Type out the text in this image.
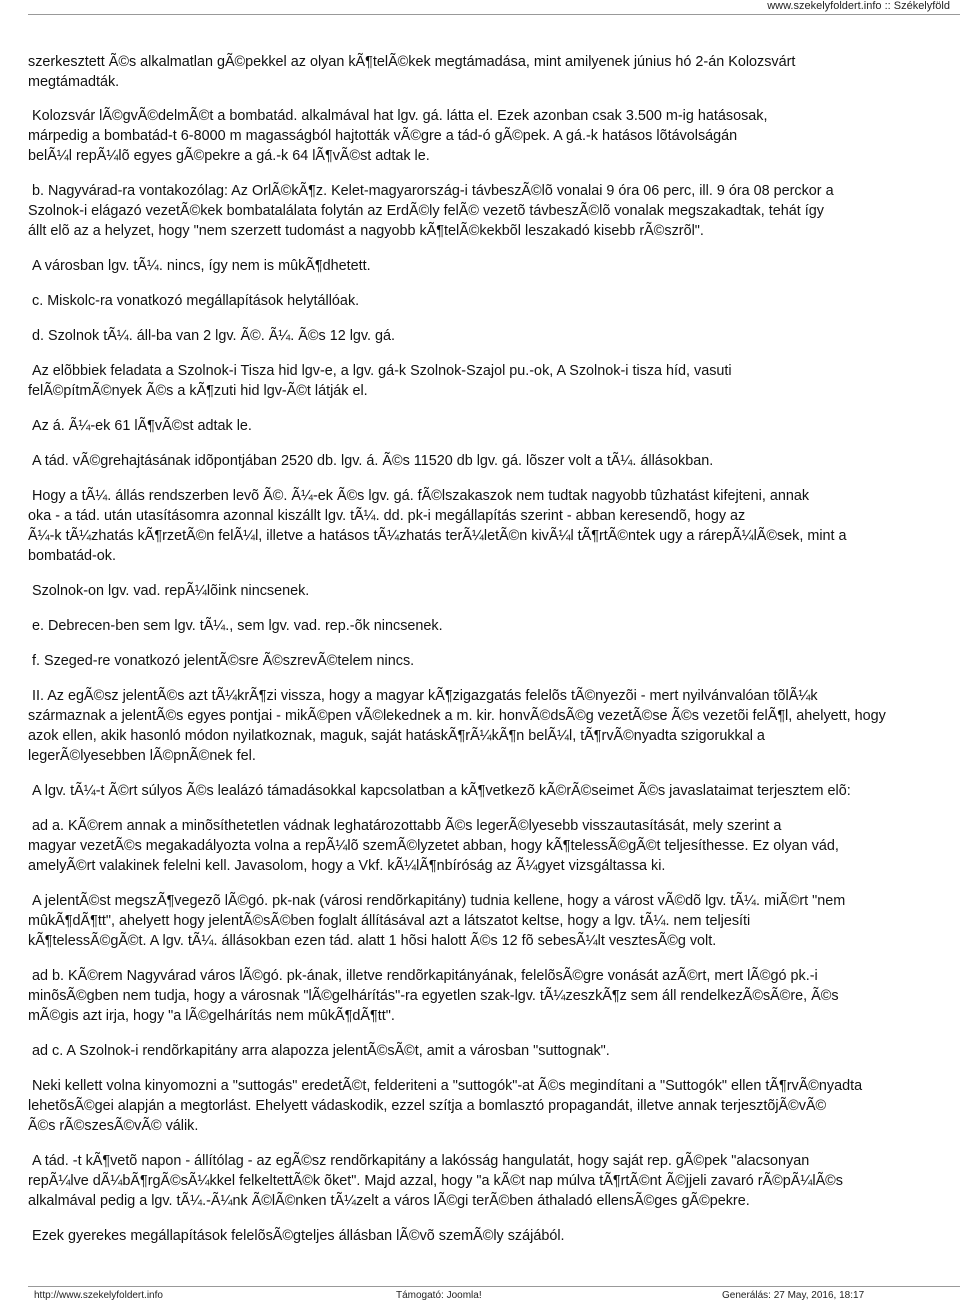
www.szekelyfoldert.info :: Székelyföld

szerkesztett Ã©s alkalmatlan gÃ©pekkel az olyan kÃ¶telÃ©kek megtámadása, mint amilyenek június hó 2-án Kolozsvárt
megtámadták.

Kolozsvár lÃ©gvÃ©delmÃ©t a bombatád. alkalmával hat lgv. gá. látta el. Ezek azonban csak 3.500 m-ig hatásosak,
márpedig a bombatád-t 6-8000 m magasságból hajtották vÃ©gre a tád-ó gÃ©pek. A gá.-k hatásos lõtávolságán
belÃ¼l repÃ¼lõ egyes gÃ©pekre a gá.-k 64 lÃ¶vÃ©st adtak le.

b. Nagyvárad-ra vontakozólag: Az OrlÃ©kÃ¶z. Kelet-magyarország-i távbeszÃ©lõ vonalai 9 óra 06 perc, ill. 9 óra 08 perckor a
Szolnok-i elágazó vezetÃ©kek bombatalálata folytán az ErdÃ©ly felÃ© vezetõ távbeszÃ©lõ vonalak megszakadtak, tehát így
állt elõ az a helyzet, hogy "nem szerzett tudomást a nagyobb kÃ¶telÃ©kekbõl leszakadó kisebb rÃ©szrõl".

A városban lgv. tÃ¼. nincs, így nem is mûkÃ¶dhetett.

c. Miskolc-ra vonatkozó megállapítások helytállóak.

d. Szolnok tÃ¼. áll-ba van 2 lgv. Ã©. Ã¼. Ã©s 12 lgv. gá.

Az elõbbiek feladata a Szolnok-i Tisza hid lgv-e, a lgv. gá-k Szolnok-Szajol pu.-ok, A Szolnok-i tisza híd, vasuti
felÃ©pítmÃ©nyek Ã©s a kÃ¶zuti hid lgv-Ã©t látják el.

Az á. Ã¼-ek 61 lÃ¶vÃ©st adtak le.

A tád. vÃ©grehajtásának idõpontjában 2520 db. lgv. á. Ã©s 11520 db lgv. gá. lõszer volt a tÃ¼. állásokban.

Hogy a tÃ¼. állás rendszerben levõ Ã©. Ã¼-ek Ã©s lgv. gá. fÃ©lszakaszok nem tudtak nagyobb tûzhatást kifejteni, annak
oka - a tád. után utasításomra azonnal kiszállt lgv. tÃ¼. dd. pk-i megállapítás szerint - abban keresendõ, hogy az
Ã¼-k tÃ¼zhatás kÃ¶rzetÃ©n felÃ¼l, illetve a hatásos tÃ¼zhatás terÃ¼letÃ©n kivÃ¼l tÃ¶rtÃ©ntek ugy a rárepÃ¼lÃ©sek, mint a
bombatád-ok.

Szolnok-on lgv. vad. repÃ¼lõink nincsenek.

e. Debrecen-ben sem lgv. tÃ¼., sem lgv. vad. rep.-õk nincsenek.

f. Szeged-re vonatkozó jelentÃ©sre Ã©szrevÃ©telem nincs.

II. Az egÃ©sz jelentÃ©s azt tÃ¼krÃ¶zi vissza, hogy a magyar kÃ¶zigazgatás felelõs tÃ©nyezõi - mert nyilvánvalóan tõlÃ¼k
származnak a jelentÃ©s egyes pontjai - mikÃ©pen vÃ©lekednek a m. kir. honvÃ©dsÃ©g vezetÃ©se Ã©s vezetõi felÃ¶l, ahelyett, hogy
azok ellen, akik hasonló módon nyilatkoznak, maguk, saját hatáskÃ¶rÃ¼kÃ¶n belÃ¼l, tÃ¶rvÃ©nyadta szigorukkal a
legerÃ©lyesebben lÃ©pnÃ©nek fel.

A lgv. tÃ¼-t Ã©rt súlyos Ã©s lealázó támadásokkal kapcsolatban a kÃ¶vetkezõ kÃ©rÃ©seimet Ã©s javaslataimat terjesztem elõ:

ad a. KÃ©rem annak a minõsíthetetlen vádnak leghatározottabb Ã©s legerÃ©lyesebb visszautasítását, mely szerint a
magyar vezetÃ©s megakadályozta volna a repÃ¼lõ szemÃ©lyzetet abban, hogy kÃ¶telessÃ©gÃ©t teljesíthesse. Ez olyan vád,
amelyÃ©rt valakinek felelni kell. Javasolom, hogy a Vkf. kÃ¼lÃ¶nbíróság az Ã¼gyet vizsgáltassa ki.

A jelentÃ©st megszÃ¶vegezõ lÃ©gó. pk-nak (városi rendõrkapitány) tudnia kellene, hogy a várost vÃ©dõ lgv. tÃ¼. miÃ©rt "nem
mûkÃ¶dÃ¶tt", ahelyett hogy jelentÃ©sÃ©ben foglalt állításával azt a látszatot keltse, hogy a lgv. tÃ¼. nem teljesíti
kÃ¶telessÃ©gÃ©t. A lgv. tÃ¼. állásokban ezen tád. alatt 1 hõsi halott Ã©s 12 fõ sebesÃ¼lt vesztesÃ©g volt.

ad b. KÃ©rem Nagyvárad város lÃ©gó. pk-ának, illetve rendõrkapitányának, felelõsÃ©gre vonását azÃ©rt, mert lÃ©gó pk.-i
minõsÃ©gben nem tudja, hogy a városnak "lÃ©gelhárítás"-ra egyetlen szak-lgv. tÃ¼zeszkÃ¶z sem áll rendelkezÃ©sÃ©re, Ã©s
mÃ©gis azt irja, hogy "a lÃ©gelhárítás nem mûkÃ¶dÃ¶tt".

ad c. A Szolnok-i rendõrkapitány arra alapozza jelentÃ©sÃ©t, amit a városban "suttognak".

Neki kellett volna kinyomozni a "suttogás" eredetÃ©t, felderiteni a "suttogók"-at Ã©s megindítani a "Suttogók" ellen tÃ¶rvÃ©nyadta
lehetõsÃ©gei alapján a megtorlást. Ehelyett vádaskodik, ezzel szítja a bomlasztó propagandát, illetve annak terjesztõjÃ©vÃ©
Ã©s rÃ©szesÃ©vÃ© válik.

A tád. -t kÃ¶vetõ napon - állítólag - az egÃ©sz rendõrkapitány a lakósság hangulatát, hogy saját rep. gÃ©pek "alacsonyan
repÃ¼lve dÃ¼bÃ¶rgÃ©sÃ¼kkel felkeltettÃ©k õket". Majd azzal, hogy "a kÃ©t nap múlva tÃ¶rtÃ©nt Ã©jjeli zavaró rÃ©pÃ¼lÃ©s
alkalmával pedig a lgv. tÃ¼.-Ã¼nk Ã©lÃ©nken tÃ¼zelt a város lÃ©gi terÃ©ben áthaladó ellensÃ©ges gÃ©pekre.

Ezek gyerekes megállapítások felelõsÃ©gteljes állásban lÃ©võ szemÃ©ly szájából.

http://www.szekelyfoldert.info	Támogató: Joomla!	Generálás: 27 May, 2016, 18:17
